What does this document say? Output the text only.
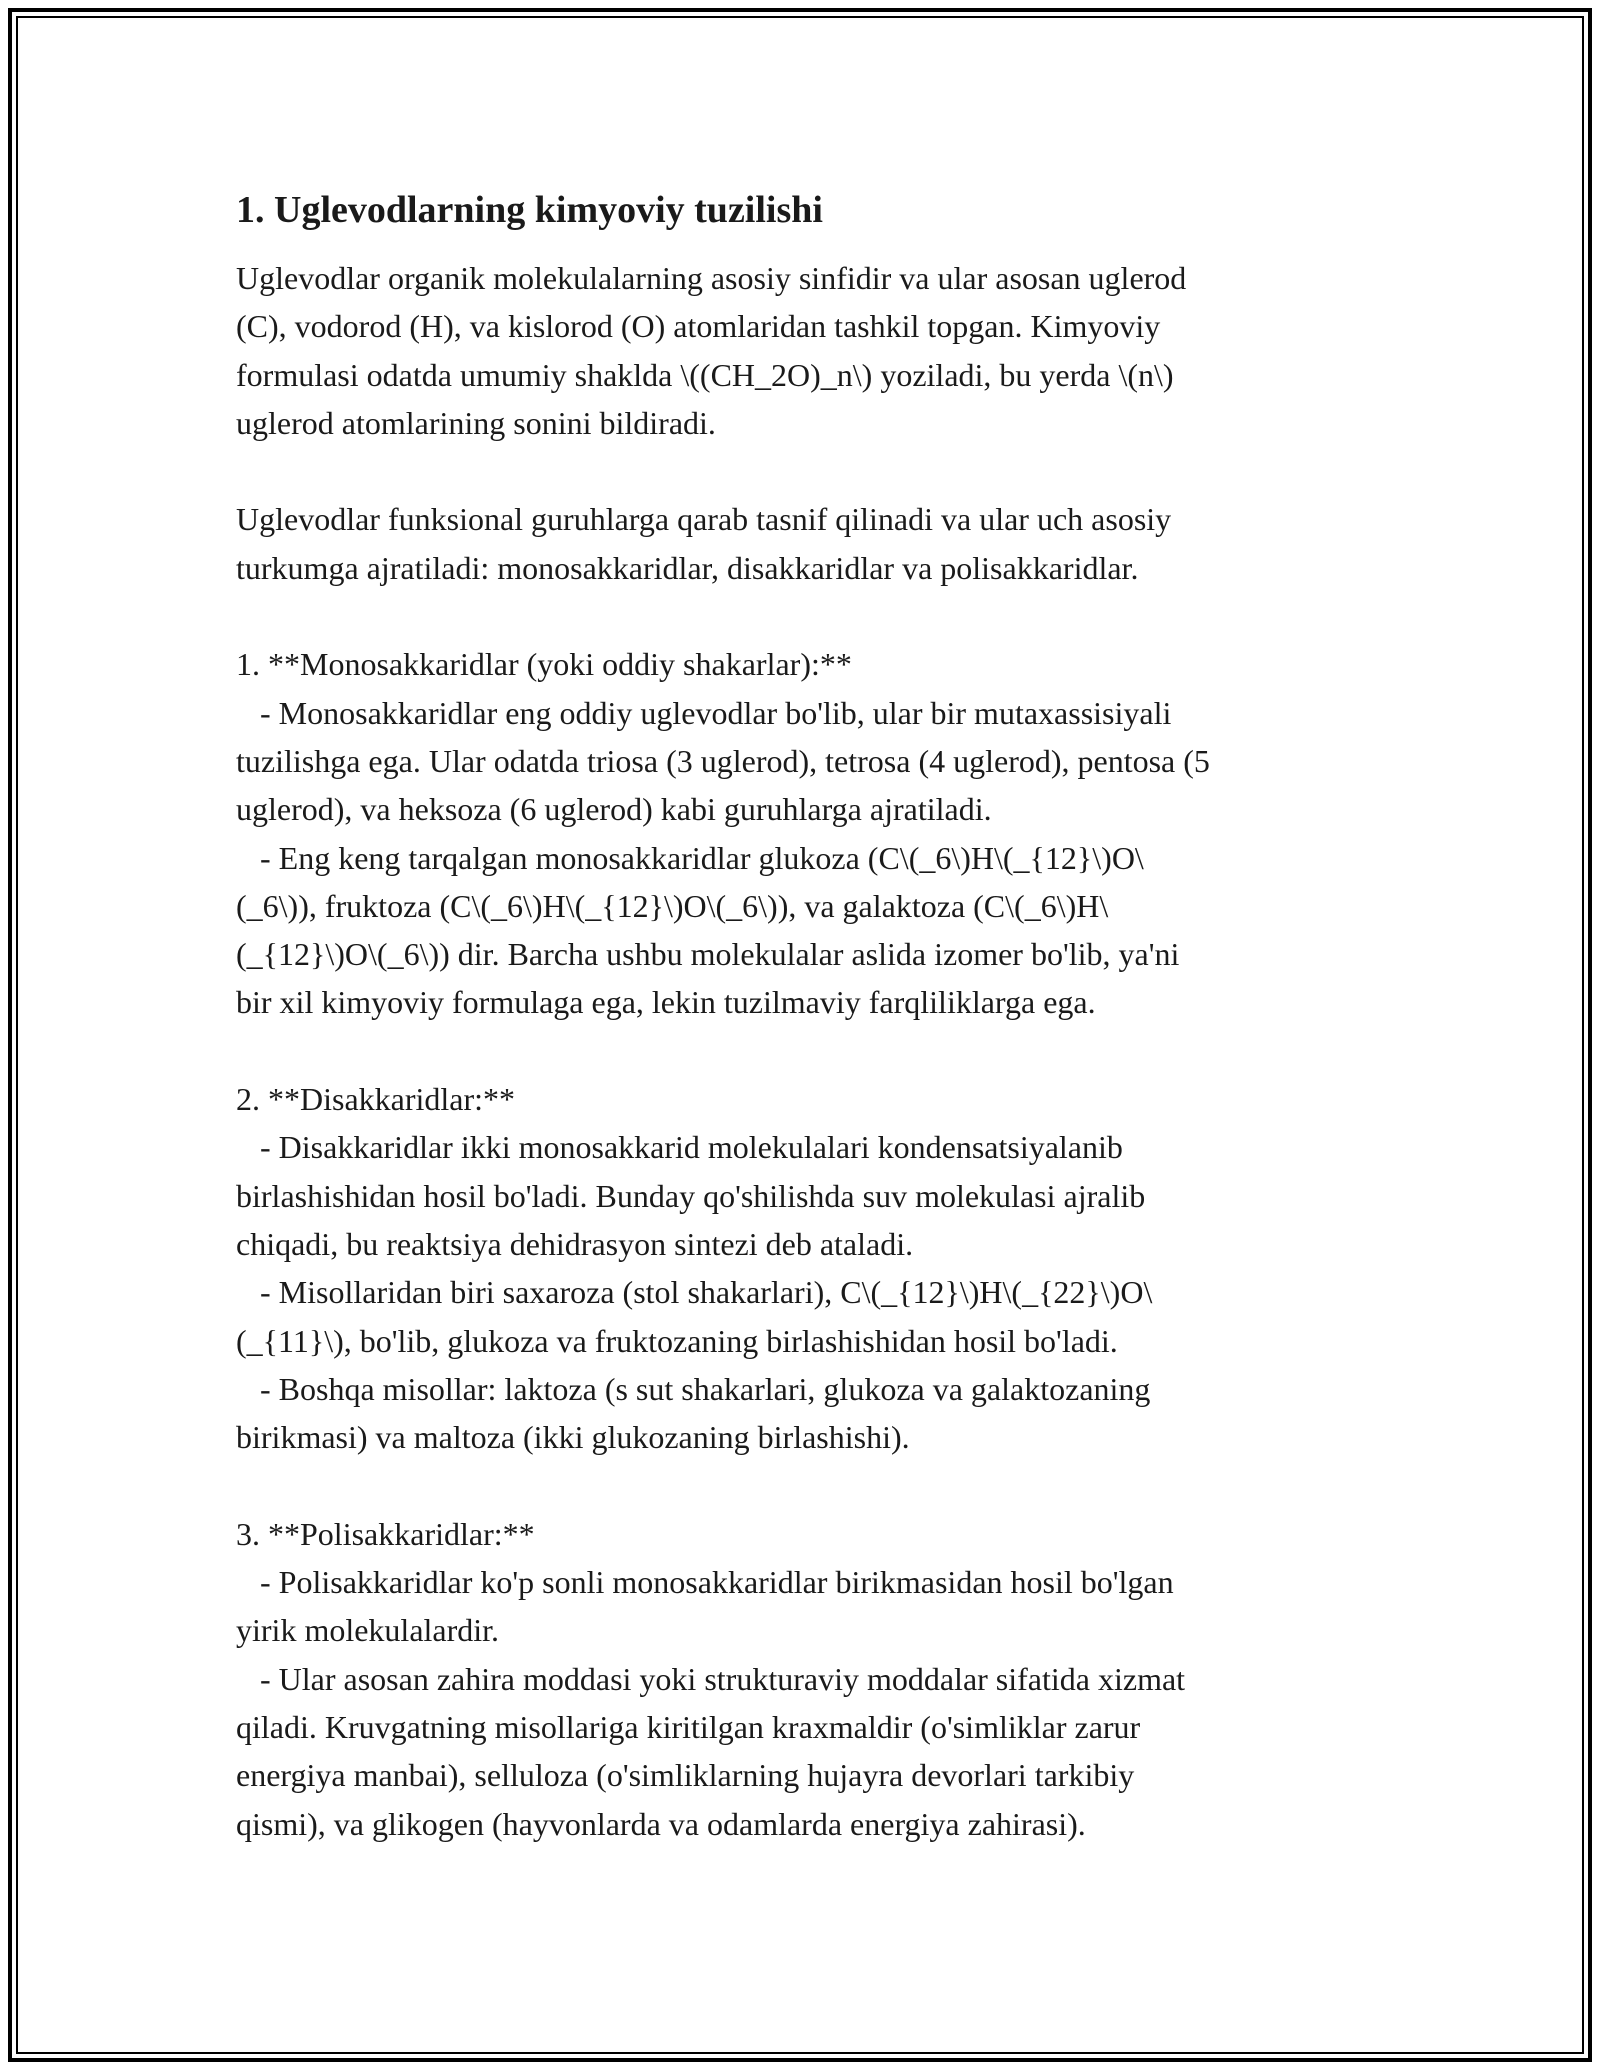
1. Uglevodlarning kimyoviy tuzilishi
Uglevodlar organik molekulalarning asosiy sinfidir va ular asosan uglerod
(C), vodorod (H), va kislorod (O) atomlaridan tashkil topgan. Kimyoviy
formulasi odatda umumiy shaklda \((CH_2O)_n\) yoziladi, bu yerda \(n\)
uglerod atomlarining sonini bildiradi.
Uglevodlar funksional guruhlarga qarab tasnif qilinadi va ular uch asosiy
turkumga ajratiladi: monosakkaridlar, disakkaridlar va polisakkaridlar.
1. **Monosakkaridlar (yoki oddiy shakarlar):**
- Monosakkaridlar eng oddiy uglevodlar bo'lib, ular bir mutaxassisiyali
tuzilishga ega. Ular odatda triosa (3 uglerod), tetrosa (4 uglerod), pentosa (5
uglerod), va heksoza (6 uglerod) kabi guruhlarga ajratiladi.
- Eng keng tarqalgan monosakkaridlar glukoza (C\(_6\)H\(_{12}\)O\
(_6\)), fruktoza (C\(_6\)H\(_{12}\)O\(_6\)), va galaktoza (C\(_6\)H\
(_{12}\)O\(_6\)) dir. Barcha ushbu molekulalar aslida izomer bo'lib, ya'ni
bir xil kimyoviy formulaga ega, lekin tuzilmaviy farqliliklarga ega.
2. **Disakkaridlar:**
- Disakkaridlar ikki monosakkarid molekulalari kondensatsiyalanib
birlashishidan hosil bo'ladi. Bunday qo'shilishda suv molekulasi ajralib
chiqadi, bu reaktsiya dehidrasyon sintezi deb ataladi.
- Misollaridan biri saxaroza (stol shakarlari), C\(_{12}\)H\(_{22}\)O\
(_{11}\), bo'lib, glukoza va fruktozaning birlashishidan hosil bo'ladi.
- Boshqa misollar: laktoza (s sut shakarlari, glukoza va galaktozaning
birikmasi) va maltoza (ikki glukozaning birlashishi).
3. **Polisakkaridlar:**
- Polisakkaridlar ko'p sonli monosakkaridlar birikmasidan hosil bo'lgan
yirik molekulalardir.
- Ular asosan zahira moddasi yoki strukturaviy moddalar sifatida xizmat
qiladi. Kruvgatning misollariga kiritilgan kraxmaldir (o'simliklar zarur
energiya manbai), selluloza (o'simliklarning hujayra devorlari tarkibiy
qismi), va glikogen (hayvonlarda va odamlarda energiya zahirasi).
